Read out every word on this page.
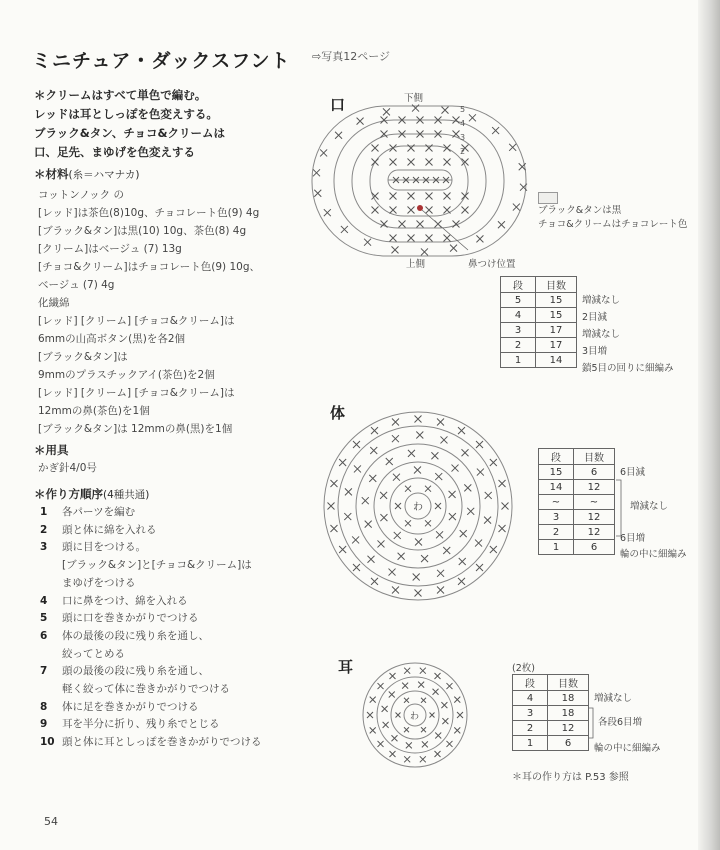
ミニチュア・ダックスフント ⇨写真12ページ
＊クリームはすべて単色で編む。
レッドは耳としっぽを色変えする。
ブラック&タン、チョコ&クリームは
口、足先、まゆげを色変えする
＊材料(糸＝ハマナカ)
コットンノック の
[レッド]は茶色(8)10g、チョコレート色(9) 4g
[ブラック&タン]は黒(10) 10g、茶色(8) 4g
[クリーム]はベージュ (7) 13g
[チョコ&クリーム]はチョコレート色(9) 10g、
ベージュ (7) 4g
化繊綿
[レッド] [クリーム] [チョコ&クリーム]は
6mmの山高ボタン(黒)を各2個
[ブラック&タン]は
9mmのプラスチックアイ(茶色)を2個
[レッド] [クリーム] [チョコ&クリーム]は
12mmの鼻(茶色)を1個
[ブラック&タン]は 12mmの鼻(黒)を1個
＊用具
かぎ針4/0号
＊作り方順序(4種共通)
1	各パーツを編む
2	頭と体に綿を入れる
3	頭に目をつける。
[ブラック&タン]と[チョコ&クリーム]は
まゆげをつける
4	口に鼻をつけ、綿を入れる
5	頭に口を巻きかがりでつける
6	体の最後の段に残り糸を通し、
絞ってとめる
7	頭の最後の段に残り糸を通し、
軽く絞って体に巻きかがりでつける
8	体に足を巻きかがりでつける
9	耳を半分に折り、残り糸でとじる
10 頭と体に耳としっぽを巻きかがりでつける
54
口	下側
5
4
3
2
上側	鼻つけ位置
ブラック&タンは黒
チョコ&クリームはチョコレート色
段	目数
5	15
4	15
3	17
2	17
1	14
増減なし
2目減
増減なし
3目増
鎖5目の回りに細編み
体
わ
段	目数
15	6
14	12
~	~
3	12
2	12
1	6
6目減
増減なし
6目増
輪の中に細編み
耳
わ
(2枚)
段	目数
4	18
3	18
2	12
1	6
増減なし
各段6目増
輪の中に細編み
＊耳の作り方は P.53 参照
